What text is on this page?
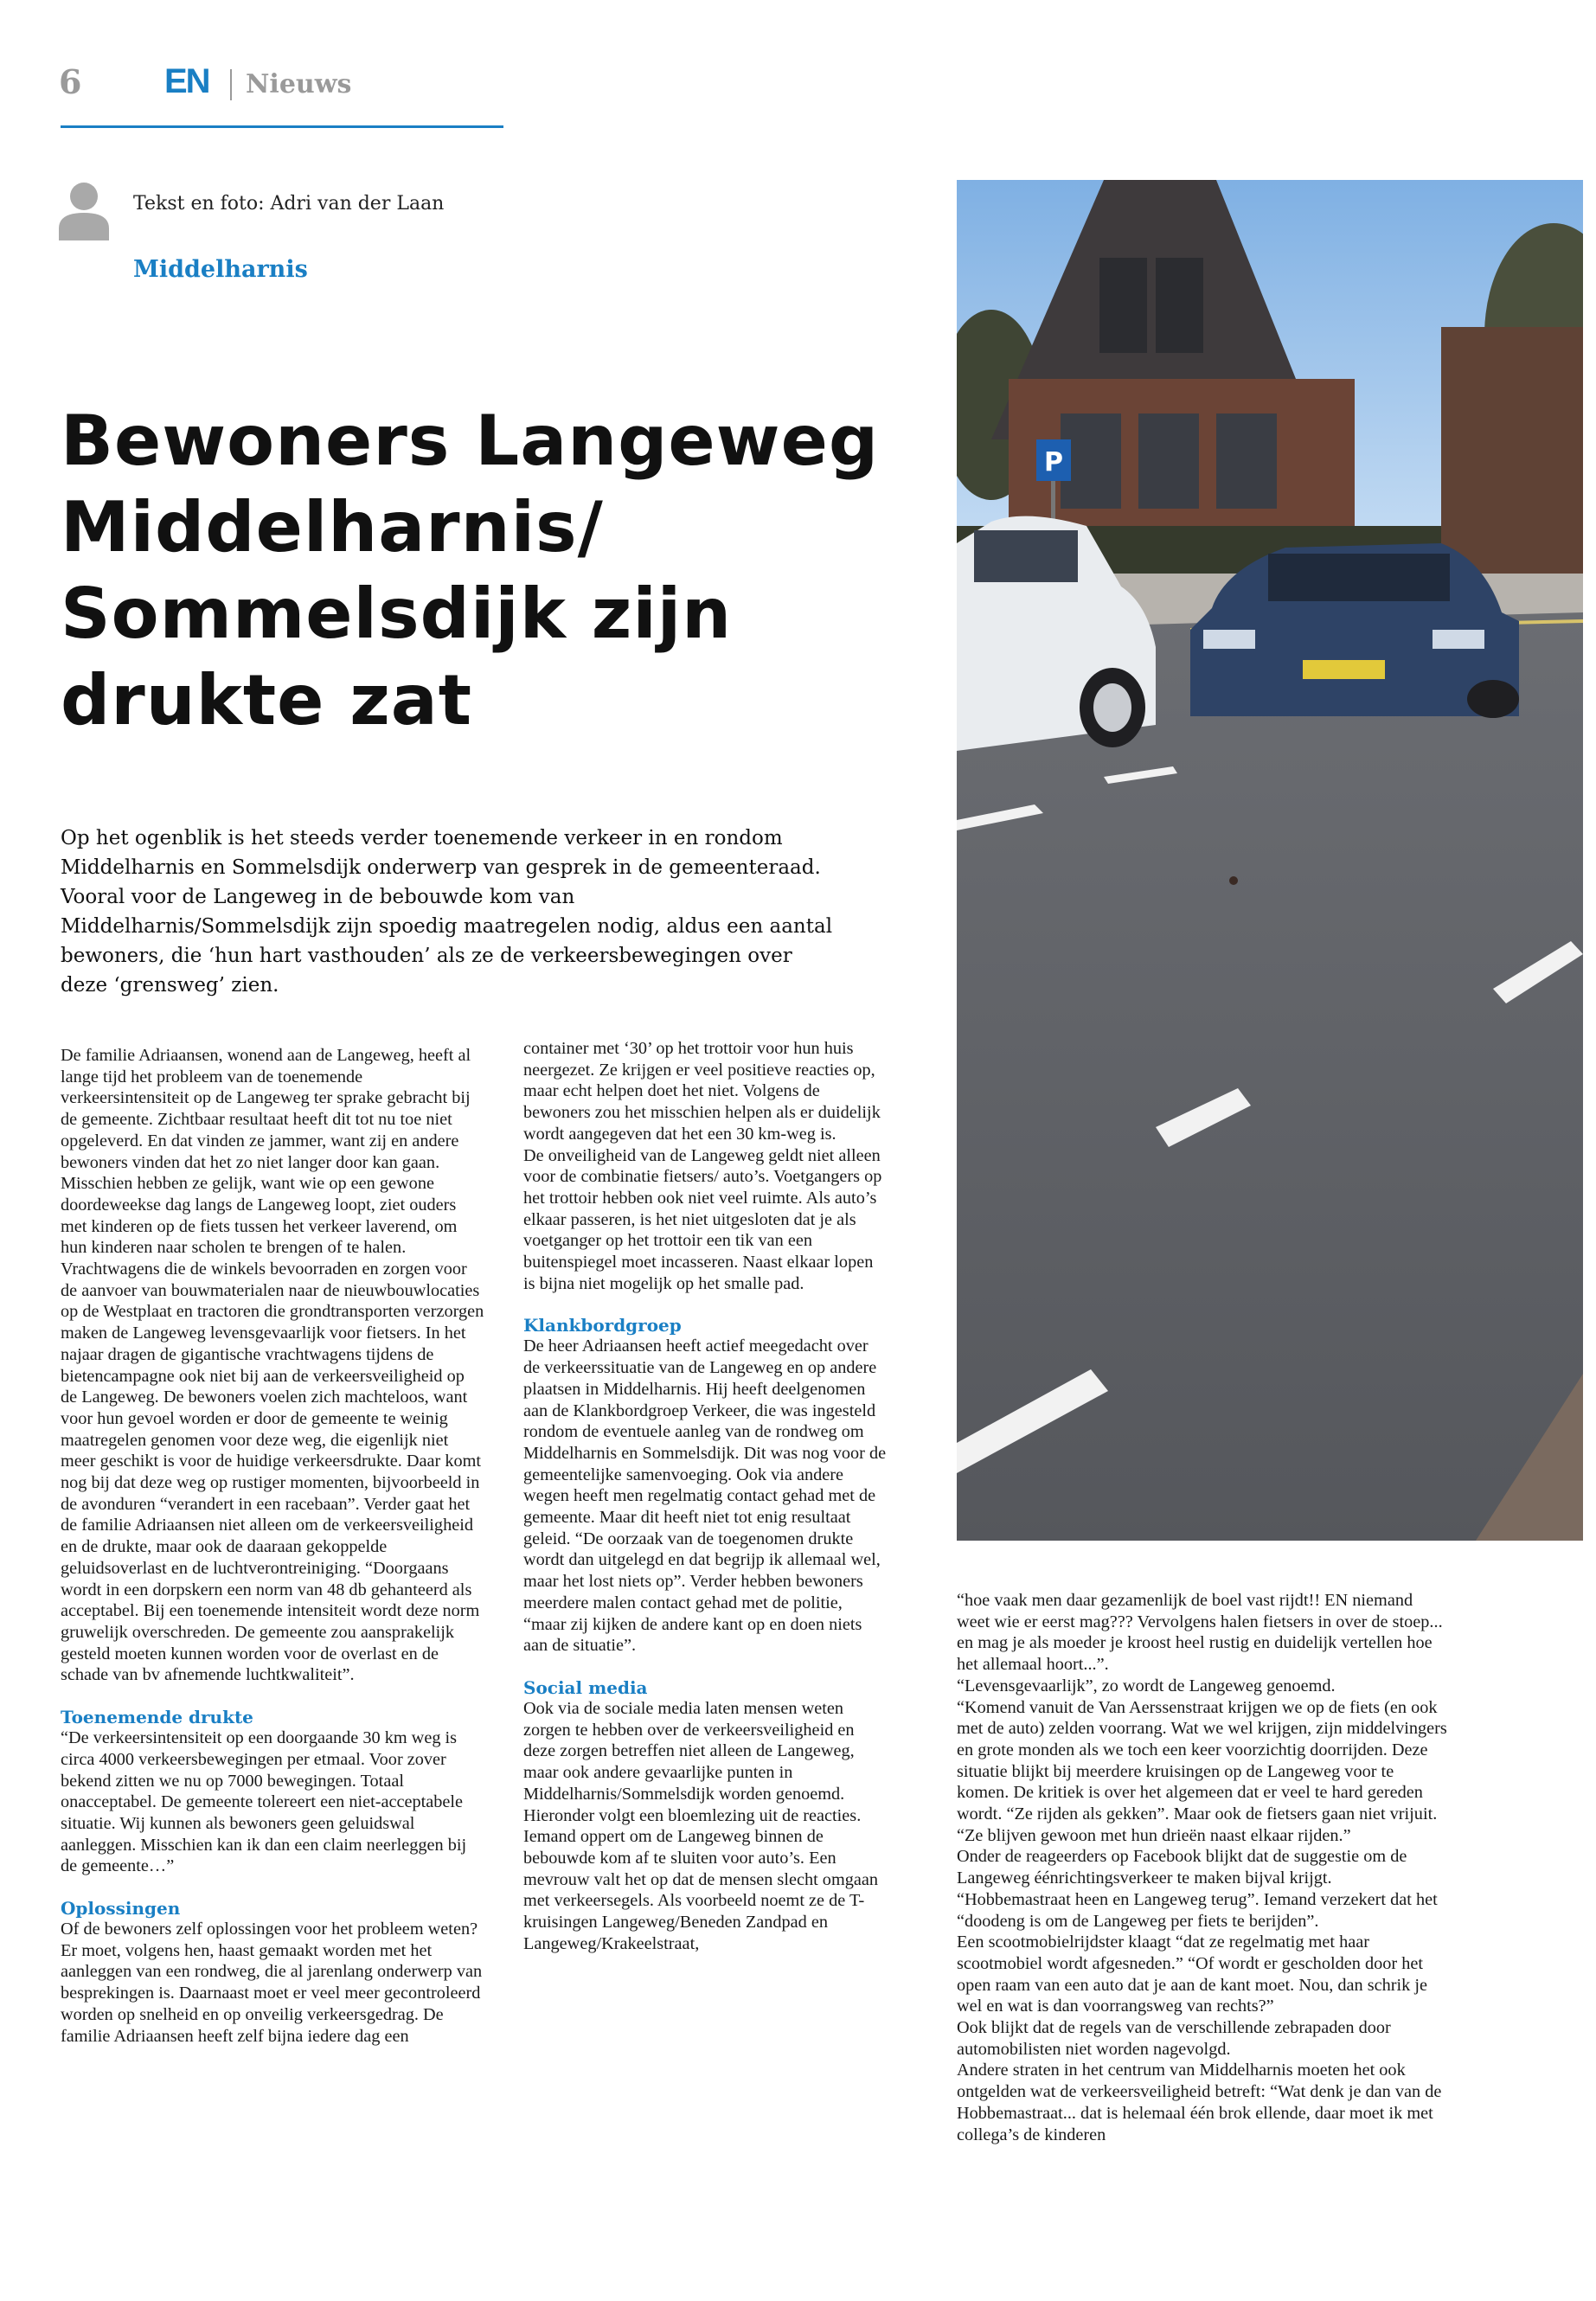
6 EN Nieuws
Tekst en foto: Adri van der Laan
Middelharnis
Bewoners Langeweg Middelharnis/ Sommelsdijk zijn drukte zat

Op het ogenblik is het steeds verder toenemende verkeer in en rondom Middelharnis en Sommelsdijk onderwerp van gesprek in de gemeenteraad. Vooral voor de Langeweg in de bebouwde kom van Middelharnis/Sommelsdijk zijn spoedig maatregelen nodig, aldus een aantal bewoners, die ‘hun hart vasthouden’ als ze de verkeersbewegingen over deze ‘grensweg’ zien.

De familie Adriaansen, wonend aan de Langeweg, heeft al lange tijd het probleem van de toenemende verkeersintensiteit op de Langeweg ter sprake gebracht bij de gemeente. Zichtbaar resultaat heeft dit tot nu toe niet opgeleverd. En dat vinden ze jammer, want zij en andere bewoners vinden dat het zo niet langer door kan gaan. Misschien hebben ze gelijk, want wie op een gewone doordeweekse dag langs de Langeweg loopt, ziet ouders met kinderen op de fiets tussen het verkeer laverend, om hun kinderen naar scholen te brengen of te halen. Vrachtwagens die de winkels bevoorraden en zorgen voor de aanvoer van bouwmaterialen naar de nieuwbouwlocaties op de Westplaat en tractoren die grondtransporten verzorgen maken de Langeweg levensgevaarlijk voor fietsers. In het najaar dragen de gigantische vrachtwagens tijdens de bietencampagne ook niet bij aan de verkeersveiligheid op de Langeweg. De bewoners voelen zich machteloos, want voor hun gevoel worden er door de gemeente te weinig maatregelen genomen voor deze weg, die eigenlijk niet meer geschikt is voor de huidige verkeersdrukte. Daar komt nog bij dat deze weg op rustiger momenten, bijvoorbeeld in de avonduren “verandert in een racebaan”. Verder gaat het de familie Adriaansen niet alleen om de verkeersveiligheid en de drukte, maar ook de daaraan gekoppelde geluidsoverlast en de luchtverontreiniging. “Doorgaans wordt in een dorpskern een norm van 48 db gehanteerd als acceptabel. Bij een toenemende intensiteit wordt deze norm gruwelijk overschreden. De gemeente zou aansprakelijk gesteld moeten kunnen worden voor de overlast en de schade van bv afnemende luchtkwaliteit”.

Toenemende drukte

“De verkeersintensiteit op een doorgaande 30 km weg is circa 4000 verkeersbewegingen per etmaal. Voor zover bekend zitten we nu op 7000 bewegingen. Totaal onacceptabel. De gemeente tolereert een niet-acceptabele situatie. Wij kunnen als bewoners geen geluidswal aanleggen. Misschien kan ik dan een claim neerleggen bij de gemeente…”

Oplossingen

Of de bewoners zelf oplossingen voor het probleem weten? Er moet, volgens hen, haast gemaakt worden met het aanleggen van een rondweg, die al jarenlang onderwerp van besprekingen is. Daarnaast moet er veel meer gecontroleerd worden op snelheid en op onveilig verkeersgedrag. De familie Adriaansen heeft zelf bijna iedere dag een

container met ‘30’ op het trottoir voor hun huis neergezet. Ze krijgen er veel positieve reacties op, maar echt helpen doet het niet. Volgens de bewoners zou het misschien helpen als er duidelijk wordt aangegeven dat het een 30 km-weg is.

De onveiligheid van de Langeweg geldt niet alleen voor de combinatie fietsers/ auto’s. Voetgangers op het trottoir hebben ook niet veel ruimte. Als auto’s elkaar passeren, is het niet uitgesloten dat je als voetganger op het trottoir een tik van een buitenspiegel moet incasseren. Naast elkaar lopen is bijna niet mogelijk op het smalle pad.

Klankbordgroep

De heer Adriaansen heeft actief meegedacht over de verkeerssituatie van de Langeweg en op andere plaatsen in Middelharnis. Hij heeft deelgenomen aan de Klankbordgroep Verkeer, die was ingesteld rondom de eventuele aanleg van de rondweg om Middelharnis en Sommelsdijk. Dit was nog voor de gemeentelijke samenvoeging. Ook via andere wegen heeft men regelmatig contact gehad met de gemeente. Maar dit heeft niet tot enig resultaat geleid. “De oorzaak van de toegenomen drukte wordt dan uitgelegd en dat begrijp ik allemaal wel, maar het lost niets op”. Verder hebben bewoners meerdere malen contact gehad met de politie, “maar zij kijken de andere kant op en doen niets aan de situatie”.

Social media

Ook via de sociale media laten mensen weten zorgen te hebben over de verkeersveiligheid en deze zorgen betreffen niet alleen de Langeweg, maar ook andere gevaarlijke punten in Middelharnis/Sommelsdijk worden genoemd. Hieronder volgt een bloemlezing uit de reacties.

Iemand oppert om de Langeweg binnen de bebouwde kom af te sluiten voor auto’s. Een mevrouw valt het op dat de mensen slecht omgaan met verkeersegels. Als voorbeeld noemt ze de T-kruisingen Langeweg/Beneden Zandpad en Langeweg/Krakeelstraat,

“hoe vaak men daar gezamenlijk de boel vast rijdt!! EN niemand weet wie er eerst mag??? Vervolgens halen fietsers in over de stoep... en mag je als moeder je kroost heel rustig en duidelijk vertellen hoe het allemaal hoort...”.

“Levensgevaarlijk”, zo wordt de Langeweg genoemd.

“Komend vanuit de Van Aerssenstraat krijgen we op de fiets (en ook met de auto) zelden voorrang. Wat we wel krijgen, zijn middelvingers en grote monden als we toch een keer voorzichtig doorrijden. Deze situatie blijkt bij meerdere kruisingen op de Langeweg voor te komen. De kritiek is over het algemeen dat er veel te hard gereden wordt. “Ze rijden als gekken”. Maar ook de fietsers gaan niet vrijuit. “Ze blijven gewoon met hun drieën naast elkaar rijden.”

Onder de reageerders op Facebook blijkt dat de suggestie om de Langeweg éénrichtingsverkeer te maken bijval krijgt. “Hobbemastraat heen en Langeweg terug”. Iemand verzekert dat het “doodeng is om de Langeweg per fiets te berijden”.

Een scootmobielrijdster klaagt “dat ze regelmatig met haar scootmobiel wordt afgesneden.” “Of wordt er gescholden door het open raam van een auto dat je aan de kant moet. Nou, dan schrik je wel en wat is dan voorrangsweg van rechts?”

Ook blijkt dat de regels van de verschillende zebrapaden door automobilisten niet worden nagevolgd.

Andere straten in het centrum van Middelharnis moeten het ook ontgelden wat de verkeersveiligheid betreft: “Wat denk je dan van de Hobbemastraat... dat is helemaal één brok ellende, daar moet ik met collega’s de kinderen

P
